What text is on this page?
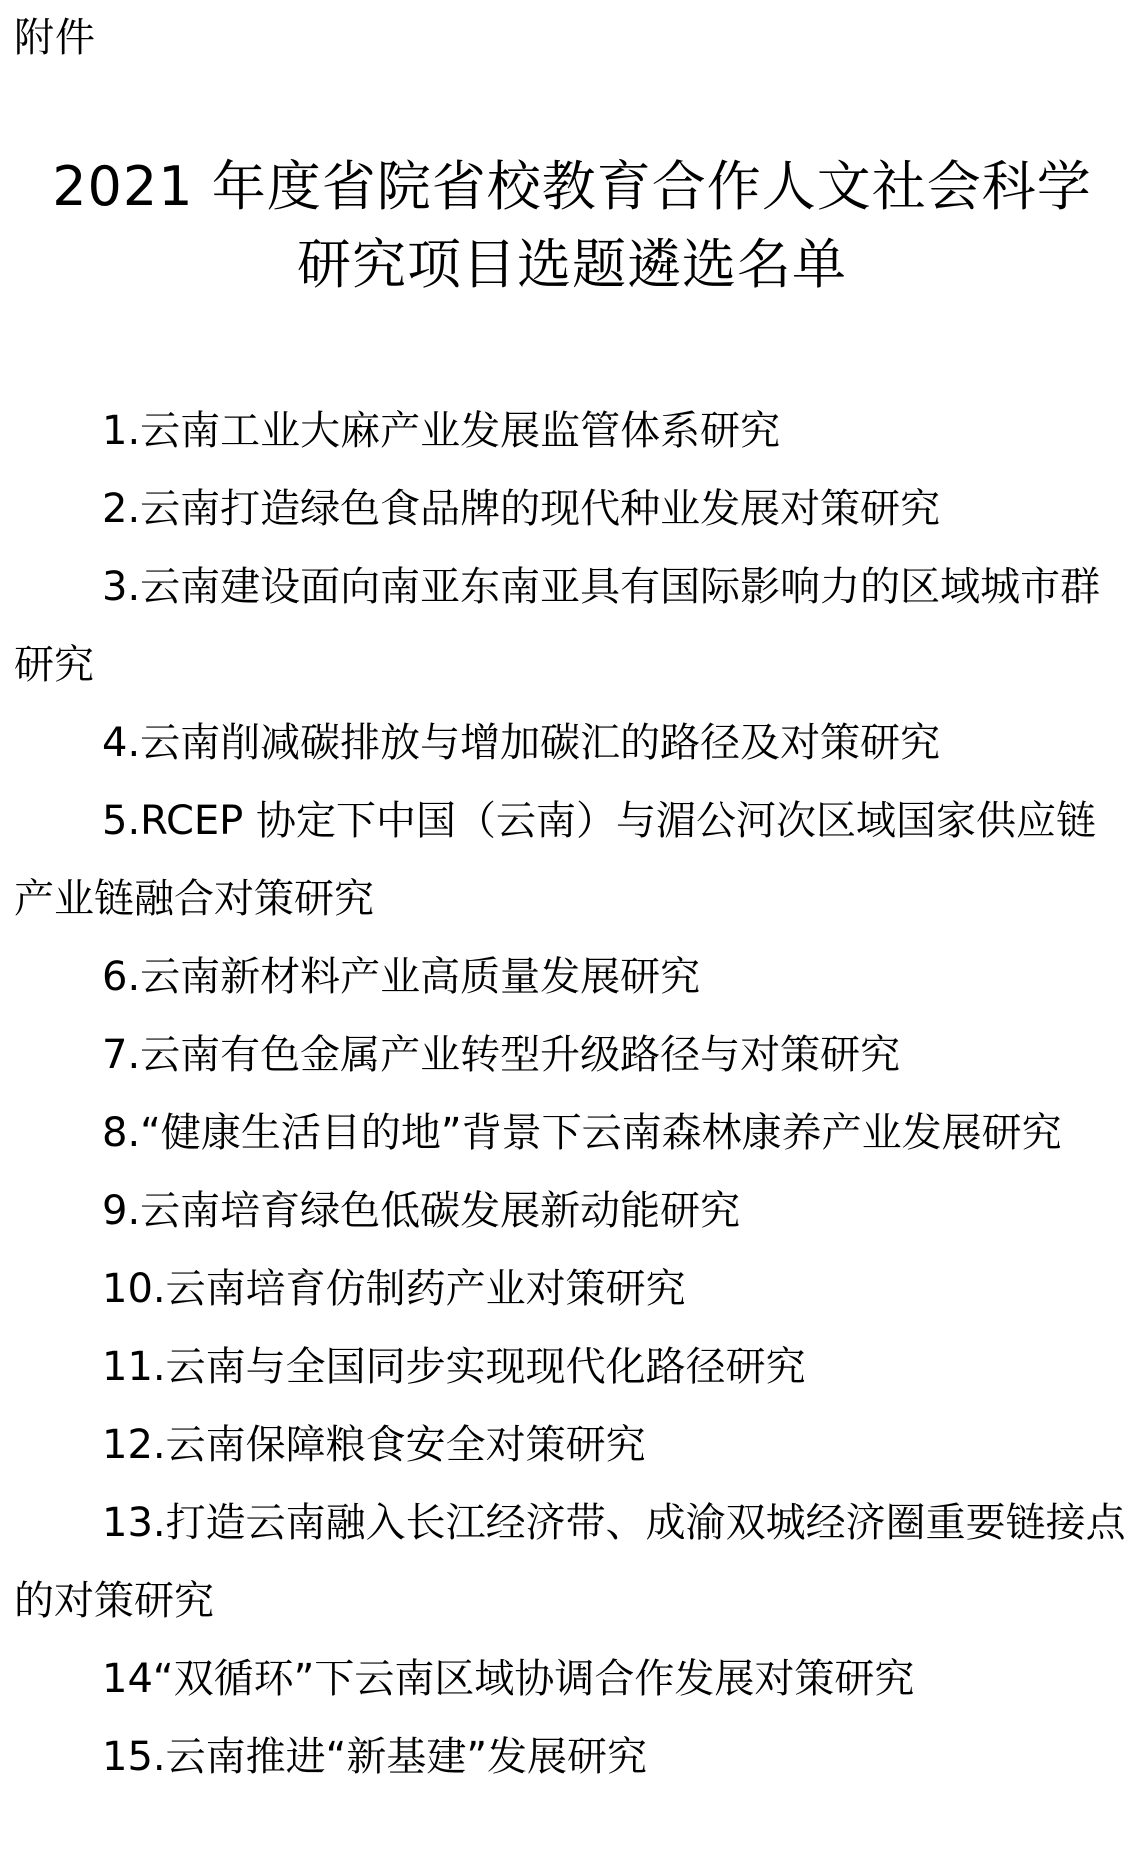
附件
2021 年度省院省校教育合作人文社会科学
研究项目选题遴选名单
1.云南工业大麻产业发展监管体系研究
2.云南打造绿色食品牌的现代种业发展对策研究
3.云南建设面向南亚东南亚具有国际影响力的区域城市群研究
4.云南削减碳排放与增加碳汇的路径及对策研究
5.RCEP 协定下中国（云南）与湄公河次区域国家供应链产业链融合对策研究
6.云南新材料产业高质量发展研究
7.云南有色金属产业转型升级路径与对策研究
8.“健康生活目的地”背景下云南森林康养产业发展研究
9.云南培育绿色低碳发展新动能研究
10.云南培育仿制药产业对策研究
11.云南与全国同步实现现代化路径研究
12.云南保障粮食安全对策研究
13.打造云南融入长江经济带、成渝双城经济圈重要链接点的对策研究
14“双循环”下云南区域协调合作发展对策研究
15.云南推进“新基建”发展研究
